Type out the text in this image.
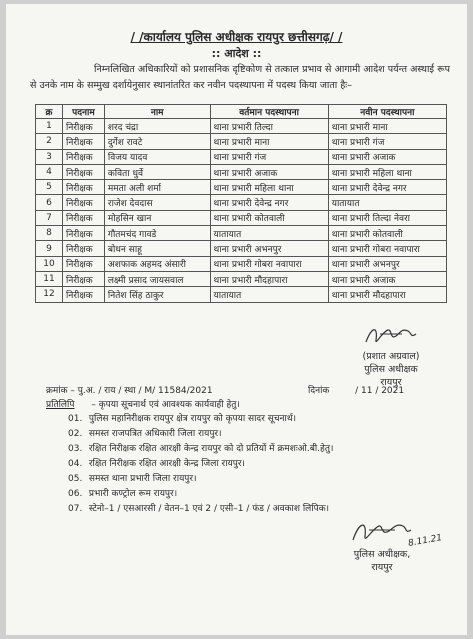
/ /कार्यालय पुलिस अधीक्षक रायपुर छत्तीसगढ़/ /
:: आदेश ::
निम्नलिखित अधिकारियों को प्रशासनिक दृष्टिकोण से तत्काल प्रभाव से आगामी आदेश पर्यन्त अस्थाई रूप से उनके नाम के सम्मुख दर्शायेनुसार स्थानांतरित कर नवीन पदस्थापना में पदस्थ किया जाता हैः–
क्र	पदनाम	नाम	वर्तमान पदस्थापना	नवीन पदस्थापना
1	निरीक्षक	शरद चंद्रा	थाना प्रभारी तिल्दा	थाना प्रभारी माना
2	निरीक्षक	दुर्गेश रावटे	थाना प्रभारी माना	थाना प्रभारी गंज
3	निरीक्षक	विजय यादव	थाना प्रभारी गंज	थाना प्रभारी अजाक
4	निरीक्षक	कविता धुर्वे	थाना प्रभारी अजाक	थाना प्रभारी महिला थाना
5	निरीक्षक	ममता अली शर्मा	थाना प्रभारी महिला थाना	थाना प्रभारी देवेन्द्र नगर
6	निरीक्षक	राजेश देवदास	थाना प्रभारी देवेन्द्र नगर	यातायात
7	निरीक्षक	मोहसिन खान	थाना प्रभारी कोतवाली	थाना प्रभारी तिल्दा नेवरा
8	निरीक्षक	गौतमचंद गावडे	यातायात	थाना प्रभारी कोतवाली
9	निरीक्षक	बोधन साहू	थाना प्रभारी अभनपुर	थाना प्रभारी गोबरा नवापारा
10	निरीक्षक	अशफाक अहमद अंसारी	थाना प्रभारी गोबरा नवापारा	थाना प्रभारी अभनपुर
11	निरीक्षक	लक्ष्मी प्रसाद जायसवाल	थाना प्रभारी मौदहापारा	थाना प्रभारी अजाक
12	निरीक्षक	नितेश सिंह ठाकुर	यातायात	थाना प्रभारी मौदहापारा
(प्रशात अग्रवाल)
पुलिस अधीक्षक
रायपुर
क्रमांक – पु.अ. / राय / स्था / M/ 11584/2021	दिनांक	/ 11 / 2021
प्रतिलिपि – कृपया सूचनार्थ एवं आवश्यक कार्यवाही हेतु।
01. पुलिस महानिरीक्षक रायपुर क्षेत्र रायपुर को कृपया सादर सूचनार्थ।
02. समस्त राजपत्रित अधिकारी जिला रायपुर।
03. रक्षित निरीक्षक रक्षित आरक्षी केन्द्र रायपुर को दो प्रतियों में क्रमशःओ.बी.हेतु।
04. रक्षित निरीक्षक रक्षित आरक्षी केन्द्र जिला रायपुर।
05. समस्त थाना प्रभारी जिला रायपुर।
06. प्रभारी कण्ट्रोल रूम रायपुर।
07. स्टेनो–1 / एसआरसी / वेतन–1 एवं 2 / एसी–1 / फंड / अवकाश लिपिक।
पुलिस अधीक्षक,
रायपुर
8.11.21
